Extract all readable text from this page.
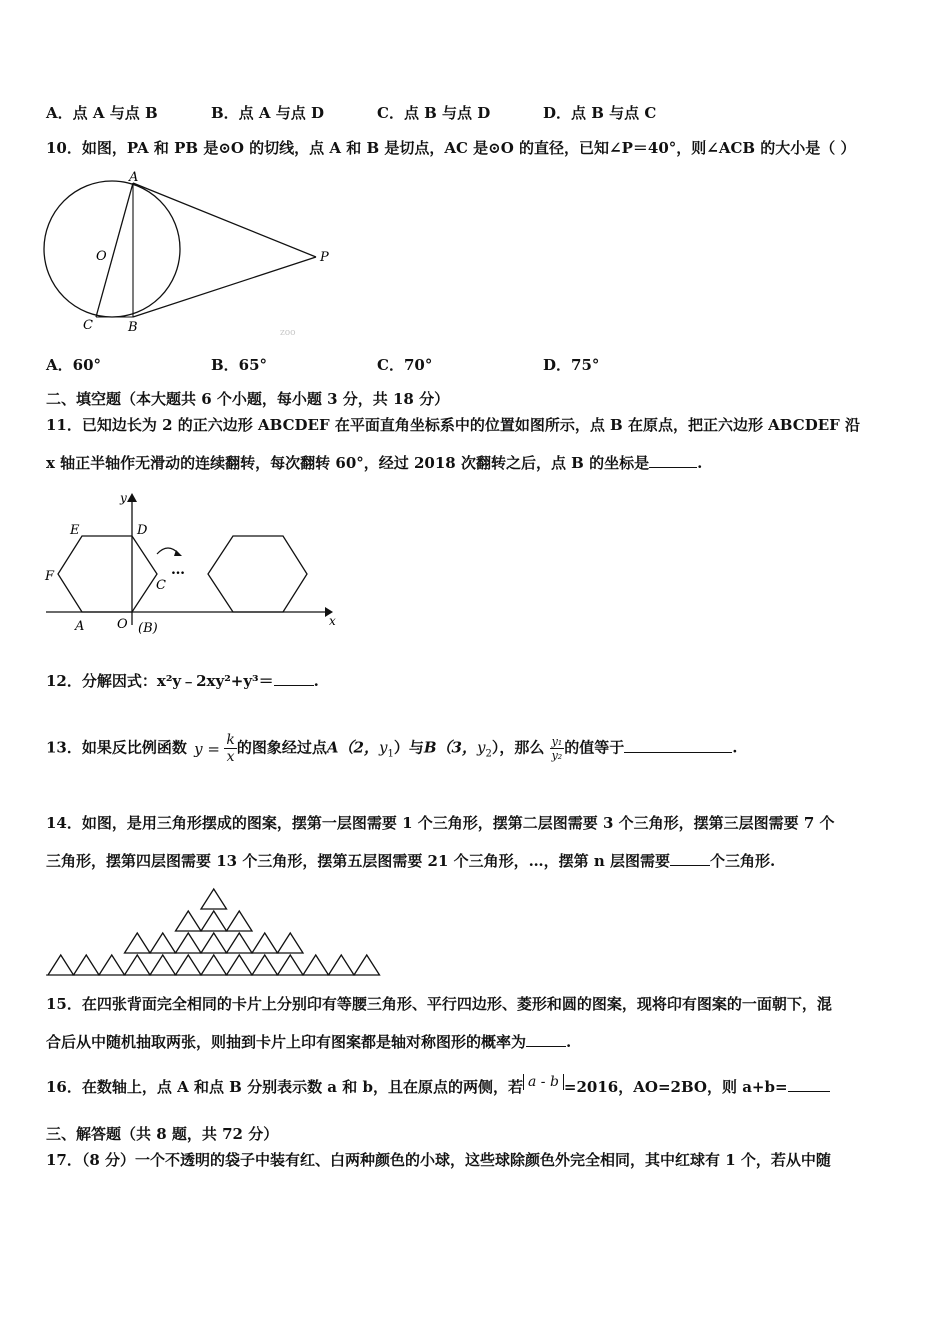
A．点 A 与点 B	B．点 A 与点 D	C．点 B 与点 D	D．点 B 与点 C
10．如图，PA 和 PB 是⊙O 的切线，点 A 和 B 是切点，AC 是⊙O 的直径，已知∠P＝40°，则∠ACB 的大小是（ ）
A
O	P
C	B	zoo
A．60°	B．65°	C．70°	D．75°
二、填空题（本大题共 6 个小题，每小题 3 分，共 18 分）
11．已知边长为 2 的正六边形 ABCDEF 在平面直角坐标系中的位置如图所示，点 B 在原点，把正六边形 ABCDEF 沿
x 轴正半轴作无滑动的连续翻转，每次翻转 60°，经过 2018 次翻转之后，点 B 的坐标是	.
…
y
x
E	D
F
C
A	O (B)
12．分解因式：x²y﹣2xy²+y³＝	.
13．如果反比例函数 $y = \frac{k}{x}$ 的图象经过点A（2，$y_1$）与B（3，$y_2$），那么 $\frac{\text{y₁}}{\text{y₂}}$ 的值等于	.
14．如图，是用三角形摆成的图案，摆第一层图需要 1 个三角形，摆第二层图需要 3 个三角形，摆第三层图需要 7 个
三角形，摆第四层图需要 13 个三角形，摆第五层图需要 21 个三角形，…，摆第 n 层图需要	个三角形.
15．在四张背面完全相同的卡片上分别印有等腰三角形、平行四边形、菱形和圆的图案，现将印有图案的一面朝下，混
合后从中随机抽取两张，则抽到卡片上印有图案都是轴对称图形的概率为	.
16．在数轴上，点 A 和点 B 分别表示数 a 和 b，且在原点的两侧，若 a - b =2016，AO=2BO，则 a+b=
三、解答题（共 8 题，共 72 分）
17．（8 分）一个不透明的袋子中装有红、白两种颜色的小球，这些球除颜色外完全相同，其中红球有 1 个，若从中随
